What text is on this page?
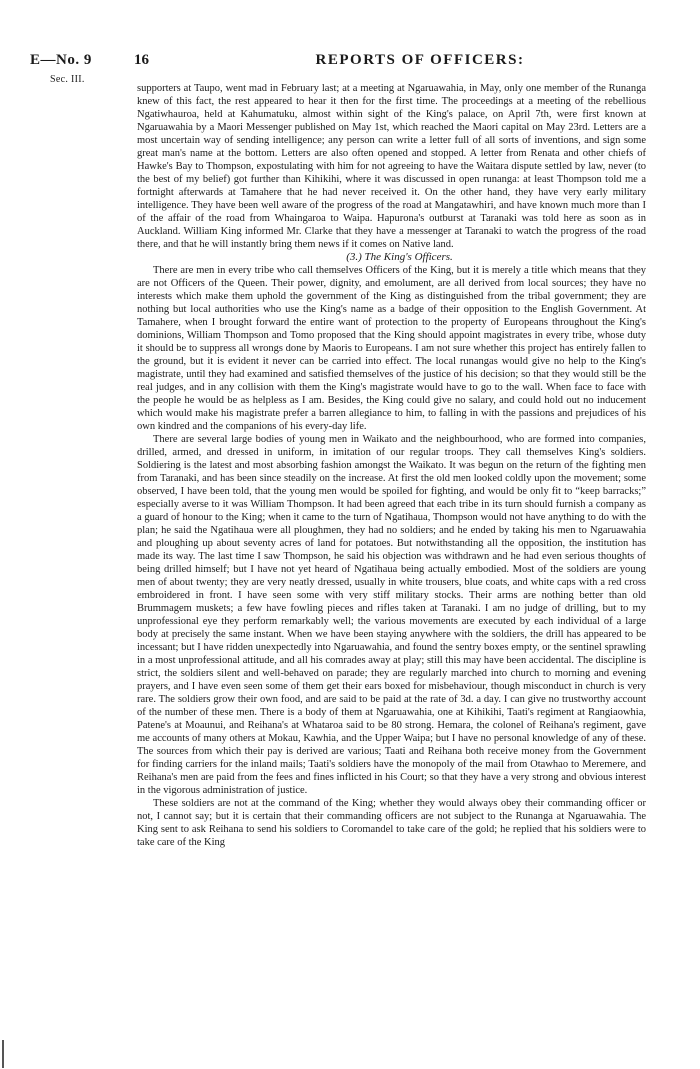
E—No. 9
Sec. III.
16	REPORTS OF OFFICERS:

supporters at Taupo, went mad in February last; at a meeting at Ngaruawahia, in May, only one member of the Runanga knew of this fact, the rest appeared to hear it then for the first time. The proceedings at a meeting of the rebellious Ngatiwhauroa, held at Kahumatuku, almost within sight of the King's palace, on April 7th, were first known at Ngaruawahia by a Maori Messenger published on May 1st, which reached the Maori capital on May 23rd. Letters are a most uncertain way of sending intelligence; any person can write a letter full of all sorts of inventions, and sign some great man's name at the bottom. Letters are also often opened and stopped. A letter from Renata and other chiefs of Hawke's Bay to Thompson, expostulating with him for not agreeing to have the Waitara dispute settled by law, never (to the best of my belief) got further than Kihikihi, where it was discussed in open runanga: at least Thompson told me a fortnight afterwards at Tamahere that he had never received it. On the other hand, they have very early military intelligence. They have been well aware of the progress of the road at Mangatawhiri, and have known much more than I of the affair of the road from Whaingaroa to Waipa. Hapurona's outburst at Taranaki was told here as soon as in Auckland. William King informed Mr. Clarke that they have a messenger at Taranaki to watch the progress of the road there, and that he will instantly bring them news if it comes on Native land.

(3.) The King's Officers.

There are men in every tribe who call themselves Officers of the King, but it is merely a title which means that they are not Officers of the Queen. Their power, dignity, and emolument, are all derived from local sources; they have no interests which make them uphold the government of the King as distinguished from the tribal government; they are nothing but local authorities who use the King's name as a badge of their opposition to the English Government. At Tamahere, when I brought forward the entire want of protection to the property of Europeans throughout the King's dominions, William Thompson and Tomo proposed that the King should appoint magistrates in every tribe, whose duty it should be to suppress all wrongs done by Maoris to Europeans. I am not sure whether this project has entirely fallen to the ground, but it is evident it never can be carried into effect. The local runangas would give no help to the King's magistrate, until they had examined and satisfied themselves of the justice of his decision; so that they would still be the real judges, and in any collision with them the King's magistrate would have to go to the wall. When face to face with the people he would be as helpless as I am. Besides, the King could give no salary, and could hold out no inducement which would make his magistrate prefer a barren allegiance to him, to falling in with the passions and prejudices of his own kindred and the companions of his every-day life.

There are several large bodies of young men in Waikato and the neighbourhood, who are formed into companies, drilled, armed, and dressed in uniform, in imitation of our regular troops. They call themselves King's soldiers. Soldiering is the latest and most absorbing fashion amongst the Waikato. It was begun on the return of the fighting men from Taranaki, and has been since steadily on the increase. At first the old men looked coldly upon the movement; some observed, I have been told, that the young men would be spoiled for fighting, and would be only fit to “keep barracks;” especially averse to it was William Thompson. It had been agreed that each tribe in its turn should furnish a company as a guard of honour to the King; when it came to the turn of Ngatihaua, Thompson would not have anything to do with the plan; he said the Ngatihaua were all ploughmen, they had no soldiers; and he ended by taking his men to Ngaruawahia and ploughing up about seventy acres of land for potatoes. But notwithstanding all the opposition, the institution has made its way. The last time I saw Thompson, he said his objection was withdrawn and he had even serious thoughts of being drilled himself; but I have not yet heard of Ngatihaua being actually embodied. Most of the soldiers are young men of about twenty; they are very neatly dressed, usually in white trousers, blue coats, and white caps with a red cross embroidered in front. I have seen some with very stiff military stocks. Their arms are nothing better than old Brummagem muskets; a few have fowling pieces and rifles taken at Taranaki. I am no judge of drilling, but to my unprofessional eye they perform remarkably well; the various movements are executed by each individual of a large body at precisely the same instant. When we have been staying anywhere with the soldiers, the drill has appeared to be incessant; but I have ridden unexpectedly into Ngaruawahia, and found the sentry boxes empty, or the sentinel sprawling in a most unprofessional attitude, and all his comrades away at play; still this may have been accidental. The discipline is strict, the soldiers silent and well-behaved on parade; they are regularly marched into church to morning and evening prayers, and I have even seen some of them get their ears boxed for misbehaviour, though misconduct in church is very rare. The soldiers grow their own food, and are said to be paid at the rate of 3d. a day. I can give no trustworthy account of the number of these men. There is a body of them at Ngaruawahia, one at Kihikihi, Taati's regiment at Rangiaowhia, Patene's at Moaunui, and Reihana's at Whataroa said to be 80 strong. Hemara, the colonel of Reihana's regiment, gave me accounts of many others at Mokau, Kawhia, and the Upper Waipa; but I have no personal knowledge of any of these. The sources from which their pay is derived are various; Taati and Reihana both receive money from the Government for finding carriers for the inland mails; Taati's soldiers have the monopoly of the mail from Otawhao to Meremere, and Reihana's men are paid from the fees and fines inflicted in his Court; so that they have a very strong and obvious interest in the vigorous administration of justice.

These soldiers are not at the command of the King; whether they would always obey their commanding officer or not, I cannot say; but it is certain that their commanding officers are not subject to the Runanga at Ngaruawahia. The King sent to ask Reihana to send his soldiers to Coromandel to take care of the gold; he replied that his soldiers were to take care of the King
